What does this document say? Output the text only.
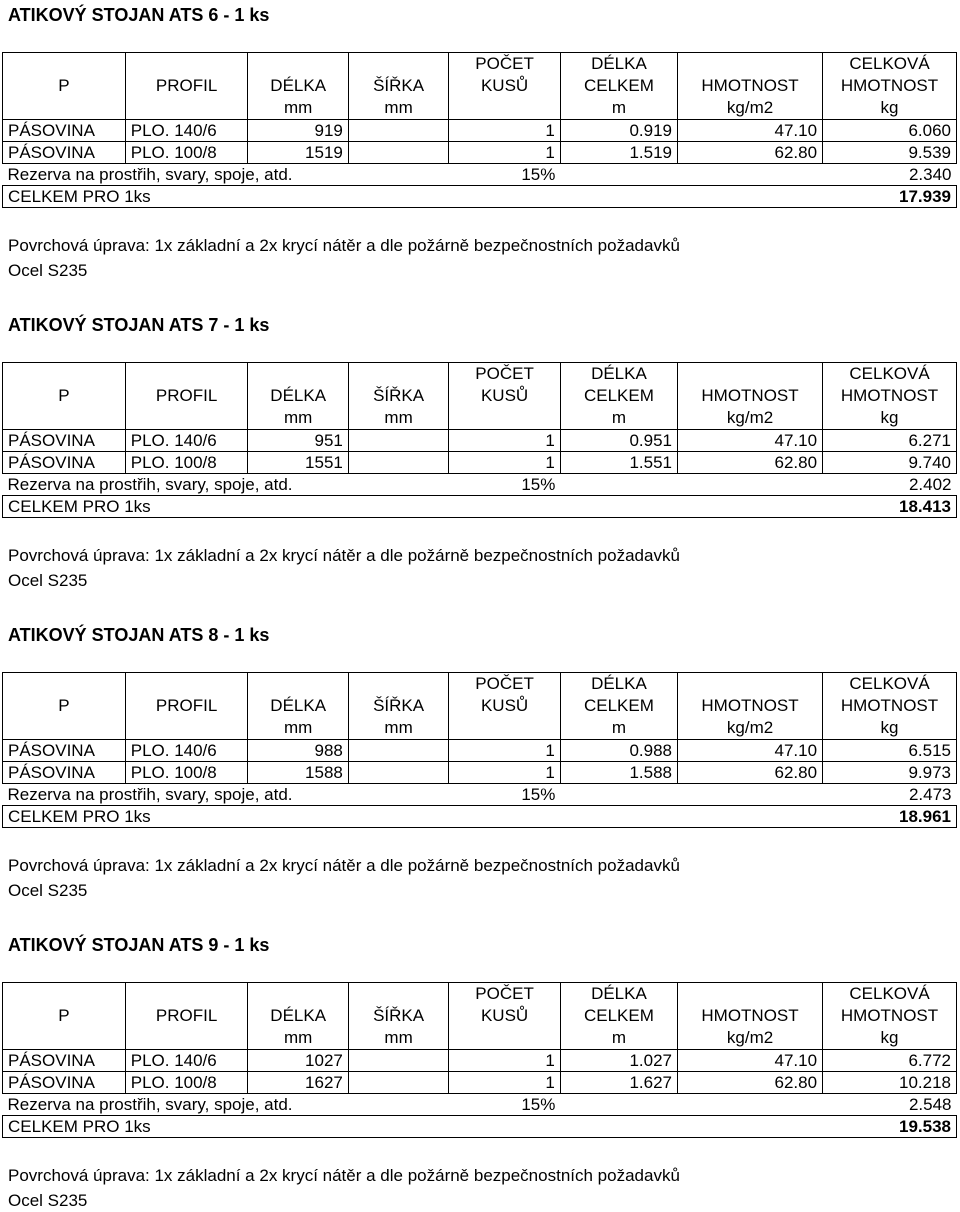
ATIKOVÝ STOJAN ATS 6 - 1 ks
				POČET	DÉLKA		CELKOVÁ
P	PROFIL	DÉLKA	ŠÍŘKA	KUSŮ	CELKEM	HMOTNOST	HMOTNOST
		mm	mm		m	kg/m2	kg
PÁSOVINA	PLO. 140/6	919		1	0.919	47.10	6.060
PÁSOVINA	PLO. 100/8	1519		1	1.519	62.80	9.539
Rezerva na prostřih, svary, spoje, atd.				15%			2.340
CELKEM PRO 1ks							17.939
Povrchová úprava: 1x základní a 2x krycí nátěr a dle požárně bezpečnostních požadavků
Ocel S235
ATIKOVÝ STOJAN ATS 7 - 1 ks
				POČET	DÉLKA		CELKOVÁ
P	PROFIL	DÉLKA	ŠÍŘKA	KUSŮ	CELKEM	HMOTNOST	HMOTNOST
		mm	mm		m	kg/m2	kg
PÁSOVINA	PLO. 140/6	951		1	0.951	47.10	6.271
PÁSOVINA	PLO. 100/8	1551		1	1.551	62.80	9.740
Rezerva na prostřih, svary, spoje, atd.				15%			2.402
CELKEM PRO 1ks							18.413
Povrchová úprava: 1x základní a 2x krycí nátěr a dle požárně bezpečnostních požadavků
Ocel S235
ATIKOVÝ STOJAN ATS 8 - 1 ks
				POČET	DÉLKA		CELKOVÁ
P	PROFIL	DÉLKA	ŠÍŘKA	KUSŮ	CELKEM	HMOTNOST	HMOTNOST
		mm	mm		m	kg/m2	kg
PÁSOVINA	PLO. 140/6	988		1	0.988	47.10	6.515
PÁSOVINA	PLO. 100/8	1588		1	1.588	62.80	9.973
Rezerva na prostřih, svary, spoje, atd.				15%			2.473
CELKEM PRO 1ks							18.961
Povrchová úprava: 1x základní a 2x krycí nátěr a dle požárně bezpečnostních požadavků
Ocel S235
ATIKOVÝ STOJAN ATS 9 - 1 ks
				POČET	DÉLKA		CELKOVÁ
P	PROFIL	DÉLKA	ŠÍŘKA	KUSŮ	CELKEM	HMOTNOST	HMOTNOST
		mm	mm		m	kg/m2	kg
PÁSOVINA	PLO. 140/6	1027		1	1.027	47.10	6.772
PÁSOVINA	PLO. 100/8	1627		1	1.627	62.80	10.218
Rezerva na prostřih, svary, spoje, atd.				15%			2.548
CELKEM PRO 1ks							19.538
Povrchová úprava: 1x základní a 2x krycí nátěr a dle požárně bezpečnostních požadavků
Ocel S235
